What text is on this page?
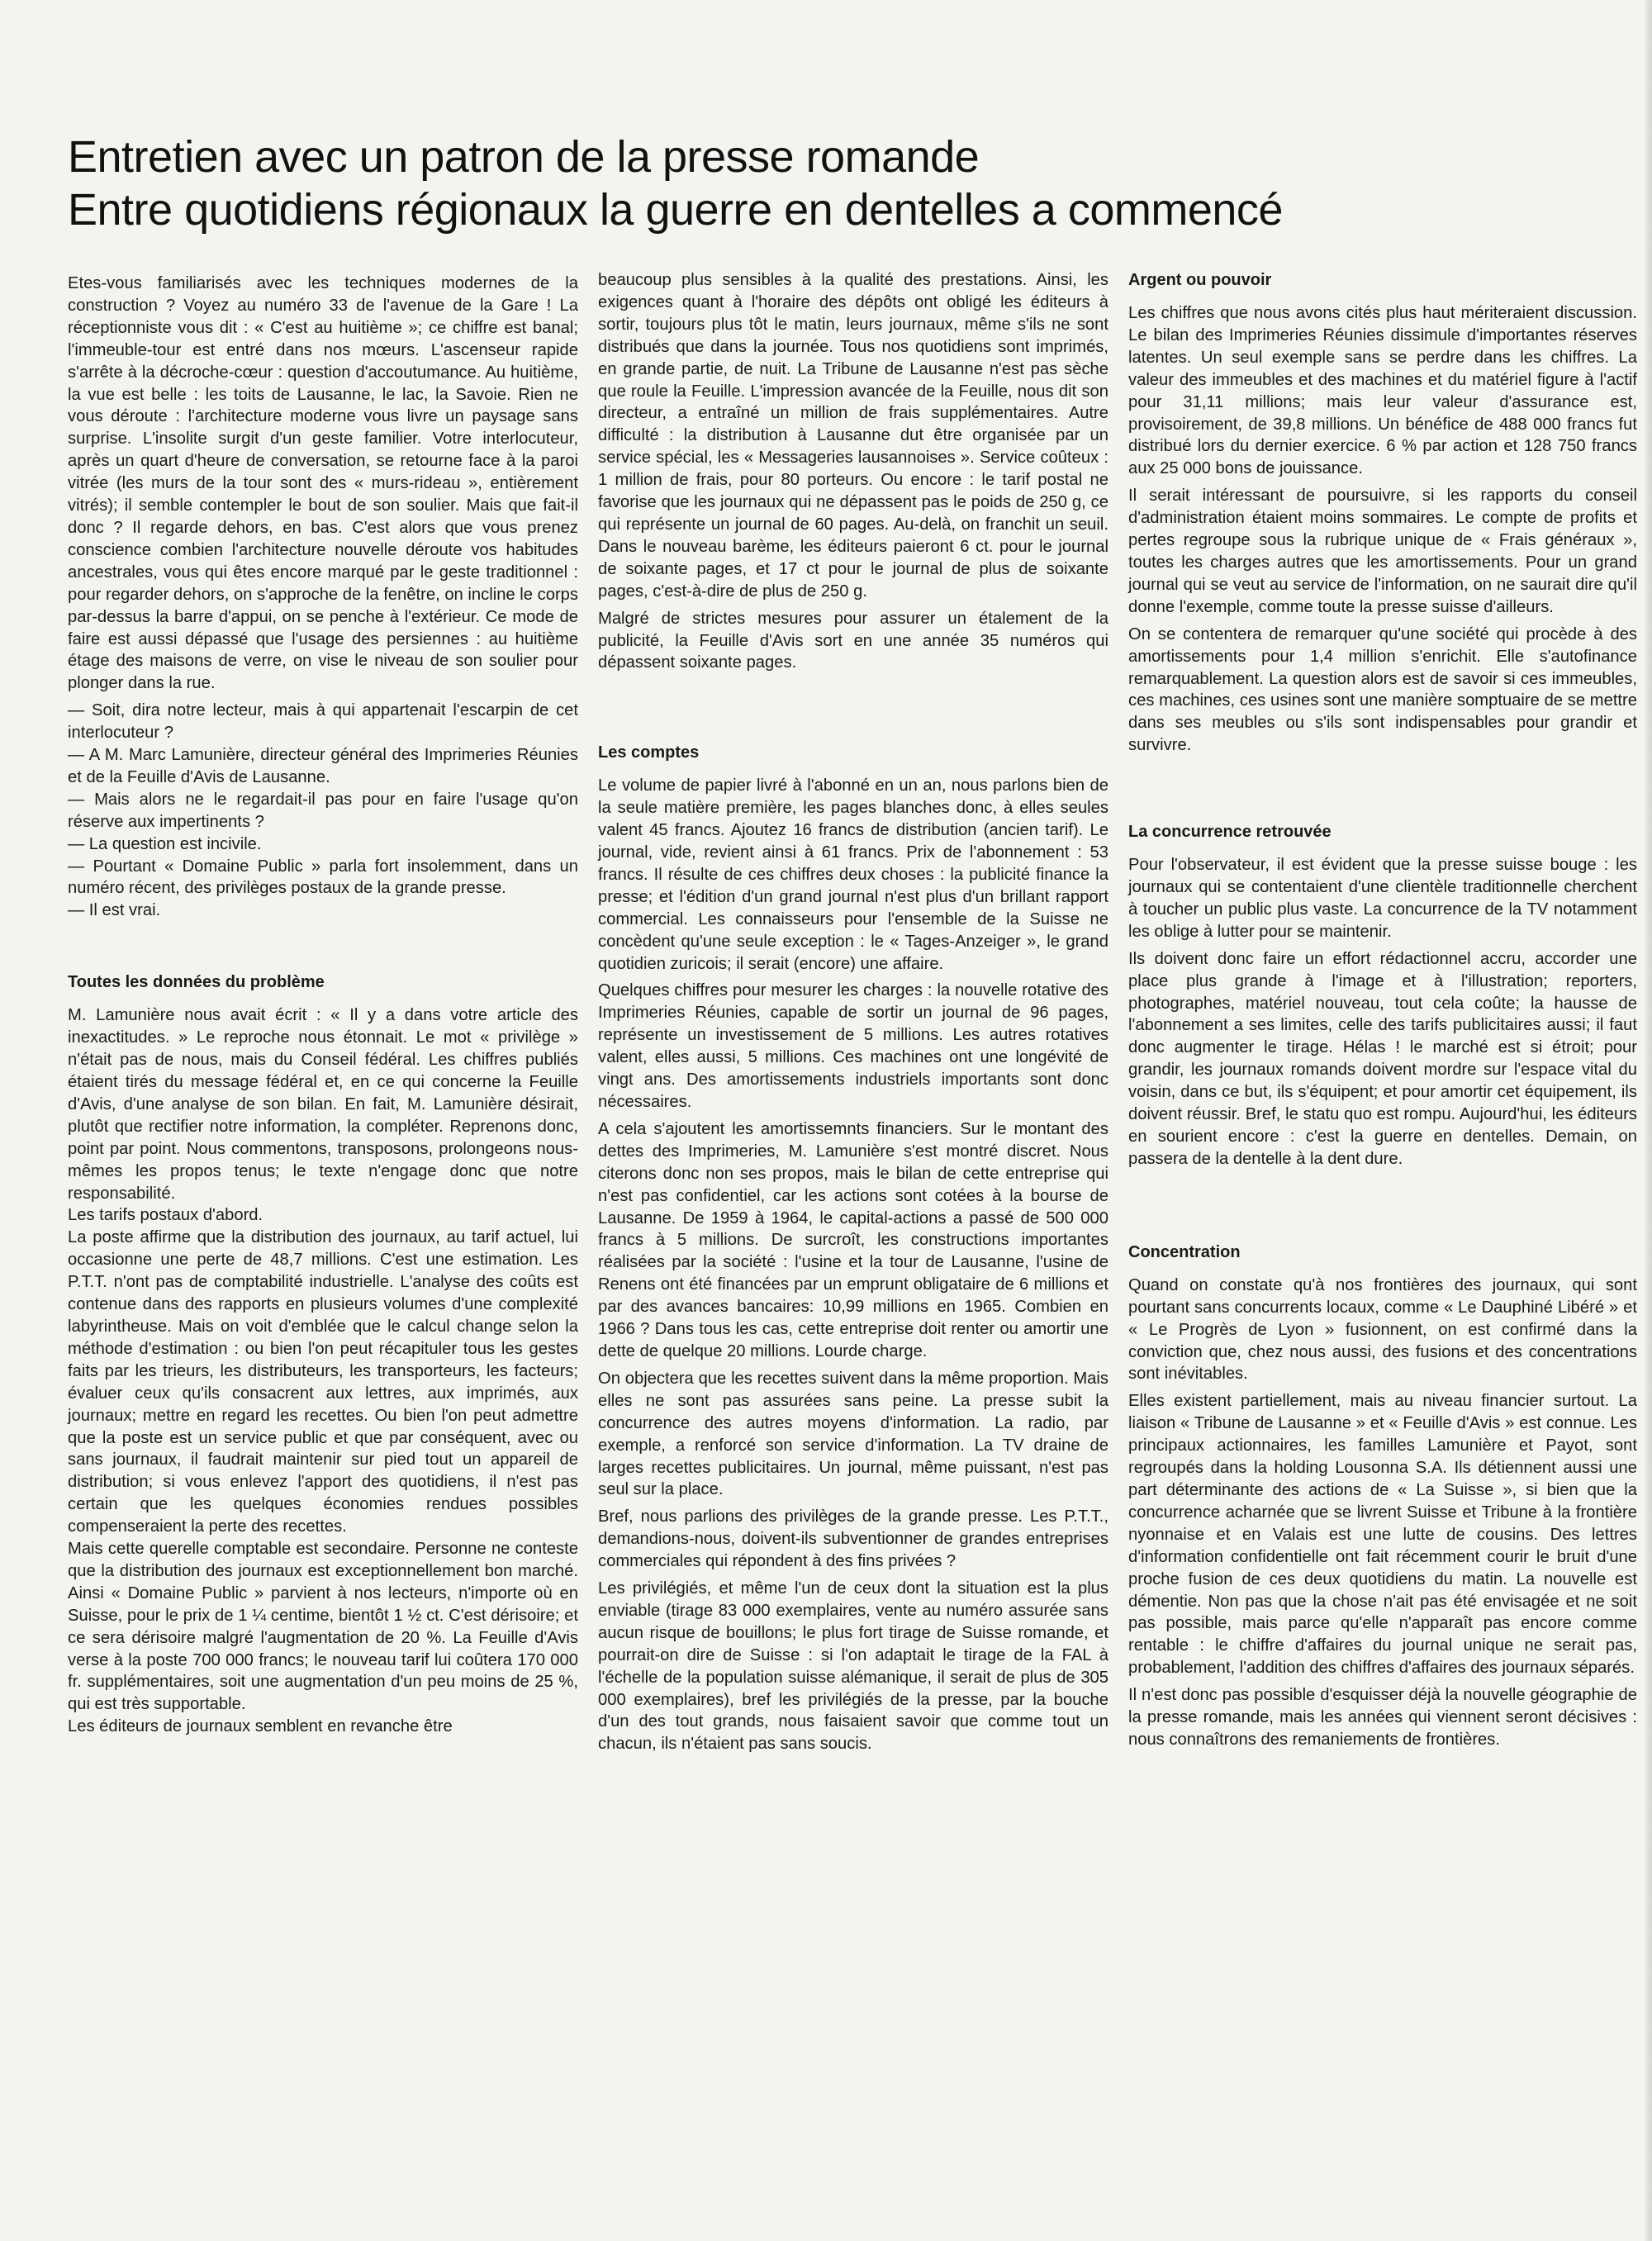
Entretien avec un patron de la presse romande
Entre quotidiens régionaux la guerre en dentelles a commencé

Etes-vous familiarisés avec les techniques modernes de la construction ? Voyez au numéro 33 de l'avenue de la Gare ! La réceptionniste vous dit : « C'est au huitième »; ce chiffre est banal; l'immeuble-tour est entré dans nos mœurs. L'ascenseur rapide s'arrête à la décroche-cœur : question d'accoutumance. Au huitième, la vue est belle : les toits de Lausanne, le lac, la Savoie. Rien ne vous déroute : l'architecture moderne vous livre un paysage sans surprise. L'insolite surgit d'un geste familier. Votre interlocuteur, après un quart d'heure de conversation, se retourne face à la paroi vitrée (les murs de la tour sont des « murs-rideau », entièrement vitrés); il semble contempler le bout de son soulier. Mais que fait-il donc ? Il regarde dehors, en bas. C'est alors que vous prenez conscience combien l'architecture nouvelle déroute vos habitudes ancestrales, vous qui êtes encore marqué par le geste traditionnel : pour regarder dehors, on s'approche de la fenêtre, on incline le corps par-dessus la barre d'appui, on se penche à l'extérieur. Ce mode de faire est aussi dépassé que l'usage des persiennes : au huitième étage des maisons de verre, on vise le niveau de son soulier pour plonger dans la rue.

— Soit, dira notre lecteur, mais à qui appartenait l'escarpin de cet interlocuteur ?

— A M. Marc Lamunière, directeur général des Imprimeries Réunies et de la Feuille d'Avis de Lausanne.

— Mais alors ne le regardait-il pas pour en faire l'usage qu'on réserve aux impertinents ?

— La question est incivile.

— Pourtant « Domaine Public » parla fort insolemment, dans un numéro récent, des privilèges postaux de la grande presse.

— Il est vrai.

Toutes les données du problème

M. Lamunière nous avait écrit : « Il y a dans votre article des inexactitudes. » Le reproche nous étonnait. Le mot « privilège » n'était pas de nous, mais du Conseil fédéral. Les chiffres publiés étaient tirés du message fédéral et, en ce qui concerne la Feuille d'Avis, d'une analyse de son bilan. En fait, M. Lamunière désirait, plutôt que rectifier notre information, la compléter. Reprenons donc, point par point. Nous commentons, transposons, prolongeons nous-mêmes les propos tenus; le texte n'engage donc que notre responsabilité.

Les tarifs postaux d'abord.

La poste affirme que la distribution des journaux, au tarif actuel, lui occasionne une perte de 48,7 millions. C'est une estimation. Les P.T.T. n'ont pas de comptabilité industrielle. L'analyse des coûts est contenue dans des rapports en plusieurs volumes d'une complexité labyrintheuse. Mais on voit d'emblée que le calcul change selon la méthode d'estimation : ou bien l'on peut récapituler tous les gestes faits par les trieurs, les distributeurs, les transporteurs, les facteurs; évaluer ceux qu'ils consacrent aux lettres, aux imprimés, aux journaux; mettre en regard les recettes. Ou bien l'on peut admettre que la poste est un service public et que par conséquent, avec ou sans journaux, il faudrait maintenir sur pied tout un appareil de distribution; si vous enlevez l'apport des quotidiens, il n'est pas certain que les quelques économies rendues possibles compenseraient la perte des recettes.

Mais cette querelle comptable est secondaire. Personne ne conteste que la distribution des journaux est exceptionnellement bon marché. Ainsi « Domaine Public » parvient à nos lecteurs, n'importe où en Suisse, pour le prix de 1 ¼ centime, bientôt 1 ½ ct. C'est dérisoire; et ce sera dérisoire malgré l'augmentation de 20 %. La Feuille d'Avis verse à la poste 700 000 francs; le nouveau tarif lui coûtera 170 000 fr. supplémentaires, soit une augmentation d'un peu moins de 25 %, qui est très supportable.

Les éditeurs de journaux semblent en revanche être

beaucoup plus sensibles à la qualité des prestations. Ainsi, les exigences quant à l'horaire des dépôts ont obligé les éditeurs à sortir, toujours plus tôt le matin, leurs journaux, même s'ils ne sont distribués que dans la journée. Tous nos quotidiens sont imprimés, en grande partie, de nuit. La Tribune de Lausanne n'est pas sèche que roule la Feuille. L'impression avancée de la Feuille, nous dit son directeur, a entraîné un million de frais supplémentaires. Autre difficulté : la distribution à Lausanne dut être organisée par un service spécial, les « Messageries lausannoises ». Service coûteux : 1 million de frais, pour 80 porteurs. Ou encore : le tarif postal ne favorise que les journaux qui ne dépassent pas le poids de 250 g, ce qui représente un journal de 60 pages. Au-delà, on franchit un seuil. Dans le nouveau barème, les éditeurs paieront 6 ct. pour le journal de soixante pages, et 17 ct pour le journal de plus de soixante pages, c'est-à-dire de plus de 250 g.

Malgré de strictes mesures pour assurer un étalement de la publicité, la Feuille d'Avis sort en une année 35 numéros qui dépassent soixante pages.

Les comptes

Le volume de papier livré à l'abonné en un an, nous parlons bien de la seule matière première, les pages blanches donc, à elles seules valent 45 francs. Ajoutez 16 francs de distribution (ancien tarif). Le journal, vide, revient ainsi à 61 francs. Prix de l'abonnement : 53 francs. Il résulte de ces chiffres deux choses : la publicité finance la presse; et l'édition d'un grand journal n'est plus d'un brillant rapport commercial. Les connaisseurs pour l'ensemble de la Suisse ne concèdent qu'une seule exception : le « Tages-Anzeiger », le grand quotidien zuricois; il serait (encore) une affaire.

Quelques chiffres pour mesurer les charges : la nouvelle rotative des Imprimeries Réunies, capable de sortir un journal de 96 pages, représente un investissement de 5 millions. Les autres rotatives valent, elles aussi, 5 millions. Ces machines ont une longévité de vingt ans. Des amortissements industriels importants sont donc nécessaires.

A cela s'ajoutent les amortissemnts financiers. Sur le montant des dettes des Imprimeries, M. Lamunière s'est montré discret. Nous citerons donc non ses propos, mais le bilan de cette entreprise qui n'est pas confidentiel, car les actions sont cotées à la bourse de Lausanne. De 1959 à 1964, le capital-actions a passé de 500 000 francs à 5 millions. De surcroît, les constructions importantes réalisées par la société : l'usine et la tour de Lausanne, l'usine de Renens ont été financées par un emprunt obligataire de 6 millions et par des avances bancaires: 10,99 millions en 1965. Combien en 1966 ? Dans tous les cas, cette entreprise doit renter ou amortir une dette de quelque 20 millions. Lourde charge.

On objectera que les recettes suivent dans la même proportion. Mais elles ne sont pas assurées sans peine. La presse subit la concurrence des autres moyens d'information. La radio, par exemple, a renforcé son service d'information. La TV draine de larges recettes publicitaires. Un journal, même puissant, n'est pas seul sur la place.

Bref, nous parlions des privilèges de la grande presse. Les P.T.T., demandions-nous, doivent-ils subventionner de grandes entreprises commerciales qui répondent à des fins privées ?

Les privilégiés, et même l'un de ceux dont la situation est la plus enviable (tirage 83 000 exemplaires, vente au numéro assurée sans aucun risque de bouillons; le plus fort tirage de Suisse romande, et pourrait-on dire de Suisse : si l'on adaptait le tirage de la FAL à l'échelle de la population suisse alémanique, il serait de plus de 305 000 exemplaires), bref les privilégiés de la presse, par la bouche d'un des tout grands, nous faisaient savoir que comme tout un chacun, ils n'étaient pas sans soucis.

Argent ou pouvoir

Les chiffres que nous avons cités plus haut mériteraient discussion. Le bilan des Imprimeries Réunies dissimule d'importantes réserves latentes. Un seul exemple sans se perdre dans les chiffres. La valeur des immeubles et des machines et du matériel figure à l'actif pour 31,11 millions; mais leur valeur d'assurance est, provisoirement, de 39,8 millions. Un bénéfice de 488 000 francs fut distribué lors du dernier exercice. 6 % par action et 128 750 francs aux 25 000 bons de jouissance.

Il serait intéressant de poursuivre, si les rapports du conseil d'administration étaient moins sommaires. Le compte de profits et pertes regroupe sous la rubrique unique de « Frais généraux », toutes les charges autres que les amortissements. Pour un grand journal qui se veut au service de l'information, on ne saurait dire qu'il donne l'exemple, comme toute la presse suisse d'ailleurs.

On se contentera de remarquer qu'une société qui procède à des amortissements pour 1,4 million s'enrichit. Elle s'autofinance remarquablement. La question alors est de savoir si ces immeubles, ces machines, ces usines sont une manière somptuaire de se mettre dans ses meubles ou s'ils sont indispensables pour grandir et survivre.

La concurrence retrouvée

Pour l'observateur, il est évident que la presse suisse bouge : les journaux qui se contentaient d'une clientèle traditionnelle cherchent à toucher un public plus vaste. La concurrence de la TV notamment les oblige à lutter pour se maintenir.

Ils doivent donc faire un effort rédactionnel accru, accorder une place plus grande à l'image et à l'illustration; reporters, photographes, matériel nouveau, tout cela coûte; la hausse de l'abonnement a ses limites, celle des tarifs publicitaires aussi; il faut donc augmenter le tirage. Hélas ! le marché est si étroit; pour grandir, les journaux romands doivent mordre sur l'espace vital du voisin, dans ce but, ils s'équipent; et pour amortir cet équipement, ils doivent réussir. Bref, le statu quo est rompu. Aujourd'hui, les éditeurs en sourient encore : c'est la guerre en dentelles. Demain, on passera de la dentelle à la dent dure.

Concentration

Quand on constate qu'à nos frontières des journaux, qui sont pourtant sans concurrents locaux, comme « Le Dauphiné Libéré » et « Le Progrès de Lyon » fusionnent, on est confirmé dans la conviction que, chez nous aussi, des fusions et des concentrations sont inévitables.

Elles existent partiellement, mais au niveau financier surtout. La liaison « Tribune de Lausanne » et « Feuille d'Avis » est connue. Les principaux actionnaires, les familles Lamunière et Payot, sont regroupés dans la holding Lousonna S.A. Ils détiennent aussi une part déterminante des actions de « La Suisse », si bien que la concurrence acharnée que se livrent Suisse et Tribune à la frontière nyonnaise et en Valais est une lutte de cousins. Des lettres d'information confidentielle ont fait récemment courir le bruit d'une proche fusion de ces deux quotidiens du matin. La nouvelle est démentie. Non pas que la chose n'ait pas été envisagée et ne soit pas possible, mais parce qu'elle n'apparaît pas encore comme rentable : le chiffre d'affaires du journal unique ne serait pas, probablement, l'addition des chiffres d'affaires des journaux séparés.

Il n'est donc pas possible d'esquisser déjà la nouvelle géographie de la presse romande, mais les années qui viennent seront décisives : nous connaîtrons des remaniements de frontières.
